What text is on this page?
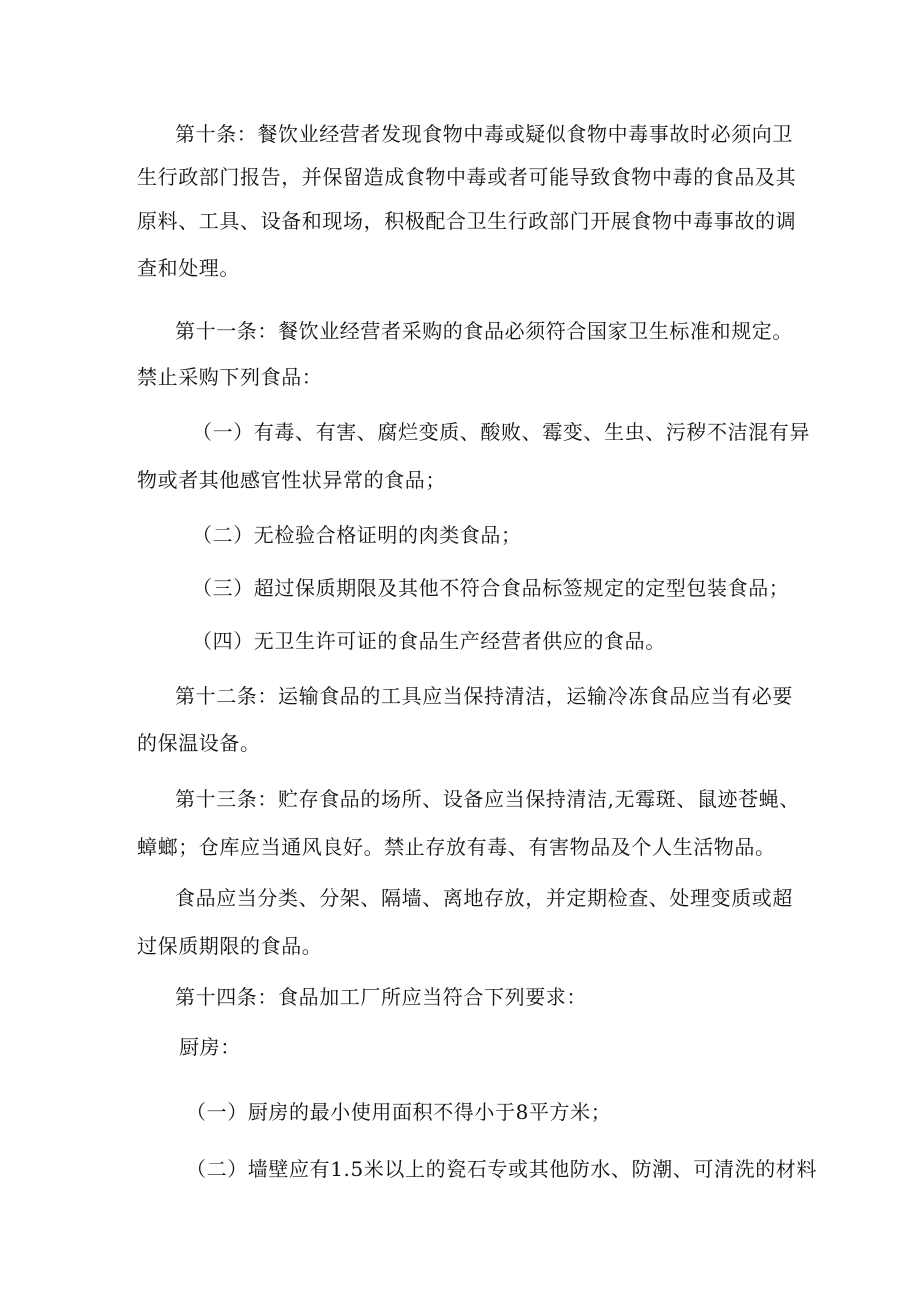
第十条：餐饮业经营者发现食物中毒或疑似食物中毒事故时必须向卫
生行政部门报告，并保留造成食物中毒或者可能导致食物中毒的食品及其
原料、工具、设备和现场，积极配合卫生行政部门开展食物中毒事故的调
查和处理。
第十一条：餐饮业经营者采购的食品必须符合国家卫生标准和规定。
禁止采购下列食品：
（一）有毒、有害、腐烂变质、酸败、霉变、生虫、污秽不洁混有异
物或者其他感官性状异常的食品；
（二）无检验合格证明的肉类食品；
（三）超过保质期限及其他不符合食品标签规定的定型包装食品；
（四）无卫生许可证的食品生产经营者供应的食品。
第十二条：运输食品的工具应当保持清洁，运输冷冻食品应当有必要
的保温设备。
第十三条：贮存食品的场所、设备应当保持清洁,无霉斑、鼠迹苍蝇、
蟑螂；仓库应当通风良好。禁止存放有毒、有害物品及个人生活物品。
食品应当分类、分架、隔墙、离地存放，并定期检查、处理变质或超
过保质期限的食品。
第十四条：食品加工厂所应当符合下列要求：
厨房：
（一）厨房的最小使用面积不得小于8平方米；
（二）墙壁应有1.5米以上的瓷石专或其他防水、防潮、可清洗的材料
